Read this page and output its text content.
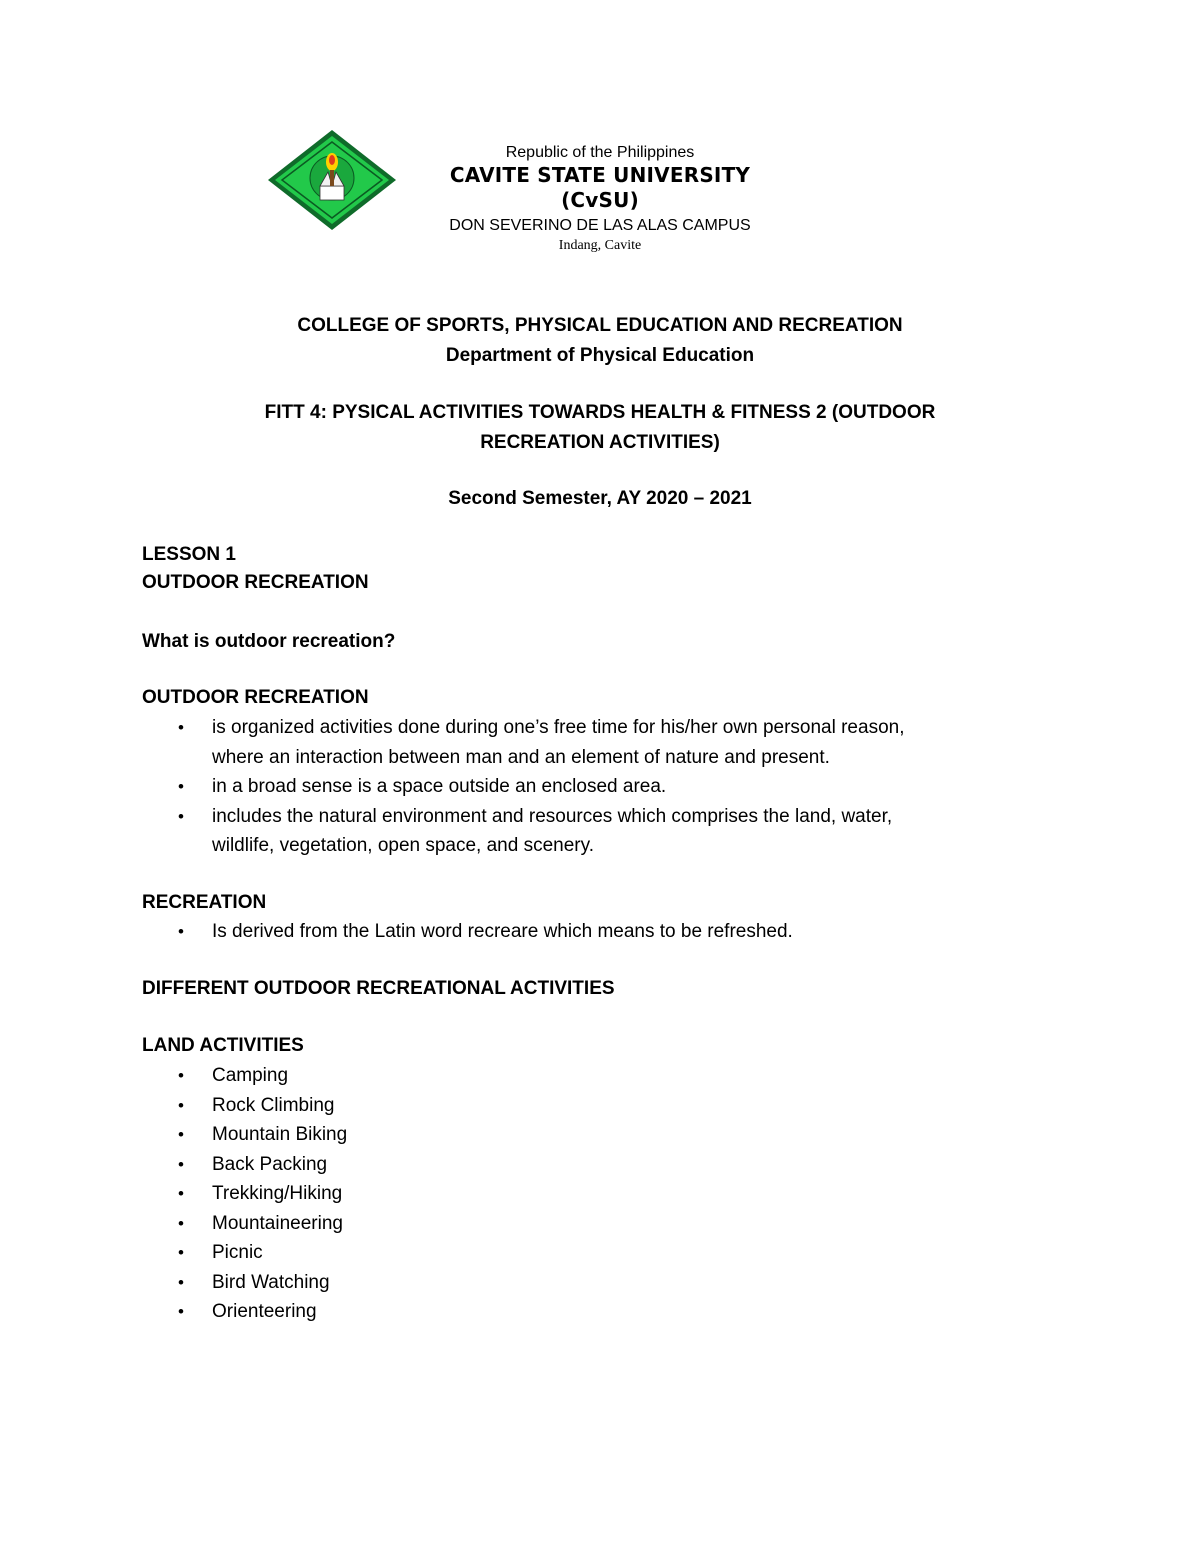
Republic of the Philippines
CAVITE STATE UNIVERSITY
(CvSU)
DON SEVERINO DE LAS ALAS CAMPUS
Indang, Cavite
COLLEGE OF SPORTS, PHYSICAL EDUCATION AND RECREATION
Department of Physical Education
FITT 4: PYSICAL ACTIVITIES TOWARDS HEALTH & FITNESS 2 (OUTDOOR
RECREATION ACTIVITIES)
Second Semester, AY 2020 – 2021
LESSON 1
OUTDOOR RECREATION
What is outdoor recreation?
OUTDOOR RECREATION
• is organized activities done during one’s free time for his/her own personal reason,
where an interaction between man and an element of nature and present.
• in a broad sense is a space outside an enclosed area.
• includes the natural environment and resources which comprises the land, water,
wildlife, vegetation, open space, and scenery.
RECREATION
• Is derived from the Latin word recreare which means to be refreshed.
DIFFERENT OUTDOOR RECREATIONAL ACTIVITIES
LAND ACTIVITIES
• Camping
• Rock Climbing
• Mountain Biking
• Back Packing
• Trekking/Hiking
• Mountaineering
• Picnic
• Bird Watching
• Orienteering
